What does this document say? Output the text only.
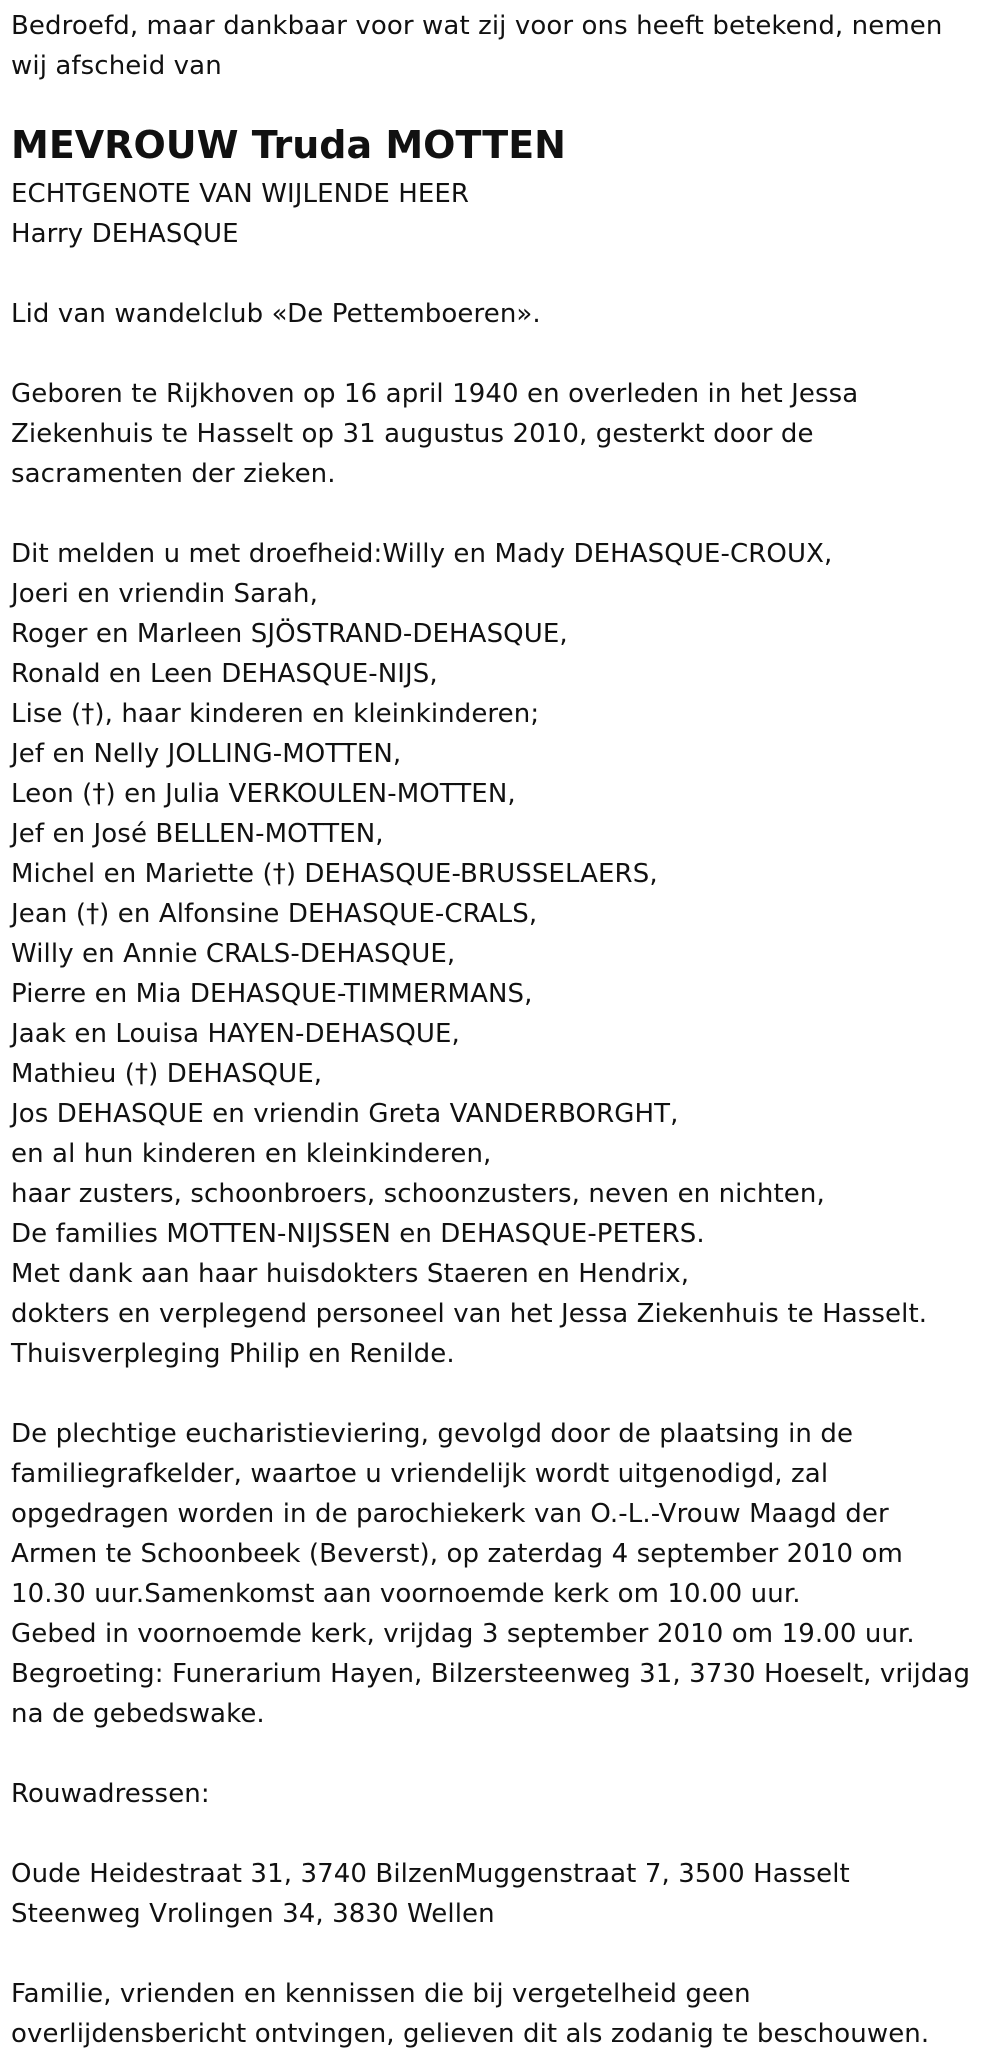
Bedroefd, maar dankbaar voor wat zij voor ons heeft betekend, nemen
wij afscheid van
MEVROUW Truda MOTTEN
ECHTGENOTE VAN WIJLENDE HEER
Harry DEHASQUE
Lid van wandelclub «De Pettemboeren».
Geboren te Rijkhoven op 16 april 1940 en overleden in het Jessa
Ziekenhuis te Hasselt op 31 augustus 2010, gesterkt door de
sacramenten der zieken.
Dit melden u met droefheid:Willy en Mady DEHASQUE-CROUX,
Joeri en vriendin Sarah,
Roger en Marleen SJÖSTRAND-DEHASQUE,
Ronald en Leen DEHASQUE-NIJS,
Lise (†), haar kinderen en kleinkinderen;
Jef en Nelly JOLLING-MOTTEN,
Leon (†) en Julia VERKOULEN-MOTTEN,
Jef en José BELLEN-MOTTEN,
Michel en Mariette (†) DEHASQUE-BRUSSELAERS,
Jean (†) en Alfonsine DEHASQUE-CRALS,
Willy en Annie CRALS-DEHASQUE,
Pierre en Mia DEHASQUE-TIMMERMANS,
Jaak en Louisa HAYEN-DEHASQUE,
Mathieu (†) DEHASQUE,
Jos DEHASQUE en vriendin Greta VANDERBORGHT,
en al hun kinderen en kleinkinderen,
haar zusters, schoonbroers, schoonzusters, neven en nichten,
De families MOTTEN-NIJSSEN en DEHASQUE-PETERS.
Met dank aan haar huisdokters Staeren en Hendrix,
dokters en verplegend personeel van het Jessa Ziekenhuis te Hasselt.
Thuisverpleging Philip en Renilde.
De plechtige eucharistieviering, gevolgd door de plaatsing in de
familiegrafkelder, waartoe u vriendelijk wordt uitgenodigd, zal
opgedragen worden in de parochiekerk van O.-L.-Vrouw Maagd der
Armen te Schoonbeek (Beverst), op zaterdag 4 september 2010 om
10.30 uur.Samenkomst aan voornoemde kerk om 10.00 uur.
Gebed in voornoemde kerk, vrijdag 3 september 2010 om 19.00 uur.
Begroeting: Funerarium Hayen, Bilzersteenweg 31, 3730 Hoeselt, vrijdag
na de gebedswake.
Rouwadressen:
Oude Heidestraat 31, 3740 BilzenMuggenstraat 7, 3500 Hasselt
Steenweg Vrolingen 34, 3830 Wellen
Familie, vrienden en kennissen die bij vergetelheid geen
overlijdensbericht ontvingen, gelieven dit als zodanig te beschouwen.
